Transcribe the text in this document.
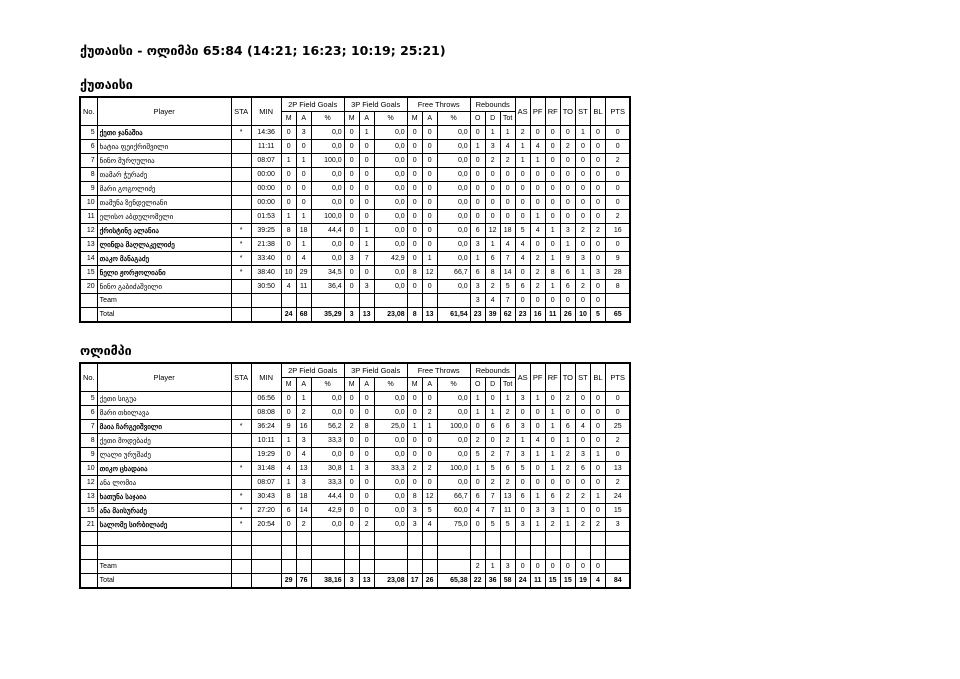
ქუთაისი - ოლიმპი 65:84 (14:21; 16:23; 10:19; 25:21)
ქუთაისი
No.	Player	STA	MIN	2P Field Goals			3P Field Goals			Free Throws			Rebounds			AS	PF	RF	TO	ST	BL	PTS
				M	A	%	M	A	%	M	A	%	O	D	Tot							
5	ქეთი ჯანაშია	*	14:36	0	3	0,0	0	1	0,0	0	0	0,0	0	1	1	2	0	0	0	1	0	0
6	ხატია ფეიქრიშვილი		11:11	0	0	0,0	0	0	0,0	0	0	0,0	1	3	4	1	4	0	2	0	0	0
7	ნინო მურღულია		08:07	1	1	100,0	0	0	0,0	0	0	0,0	0	2	2	1	1	0	0	0	0	2
8	თამარ ჭურაძე		00:00	0	0	0,0	0	0	0,0	0	0	0,0	0	0	0	0	0	0	0	0	0	0
9	მარი გოგოლიძე		00:00	0	0	0,0	0	0	0,0	0	0	0,0	0	0	0	0	0	0	0	0	0	0
10	თამუნა ზენდელიანი		00:00	0	0	0,0	0	0	0,0	0	0	0,0	0	0	0	0	0	0	0	0	0	0
11	ელისო აბდულომელი		01:53	1	1	100,0	0	0	0,0	0	0	0,0	0	0	0	0	1	0	0	0	0	2
12	ქრისტინე ალანია	*	39:25	8	18	44,4	0	1	0,0	0	0	0,0	6	12	18	5	4	1	3	2	2	16
13	ლინდა მაღლაკელიძე	*	21:38	0	1	0,0	0	1	0,0	0	0	0,0	3	1	4	4	0	0	1	0	0	0
14	თაკო მანაგაძე	*	33:40	0	4	0,0	3	7	42,9	0	1	0,0	1	6	7	4	2	1	9	3	0	9
15	ნელი ჟორჟოლიანი	*	38:40	10	29	34,5	0	0	0,0	8	12	66,7	6	8	14	0	2	8	6	1	3	28
20	ნინო გაბიძაშვილი		30:50	4	11	36,4	0	3	0,0	0	0	0,0	3	2	5	6	2	1	6	2	0	8
	Team												3	4	7	0	0	0	0	0	0	
	Total			24	68	35,29	3	13	23,08	8	13	61,54	23	39	62	23	16	11	26	10	5	65
ოლიმპი
No.	Player	STA	MIN	2P Field Goals			3P Field Goals			Free Throws			Rebounds			AS	PF	RF	TO	ST	BL	PTS
				M	A	%	M	A	%	M	A	%	O	D	Tot							
5	ქეთი სიგუა		06:56	0	1	0,0	0	0	0,0	0	0	0,0	1	0	1	3	1	0	2	0	0	0
6	მარი თხილავა		08:08	0	2	0,0	0	0	0,0	0	2	0,0	1	1	2	0	0	1	0	0	0	0
7	მაია ჩარგეიშვილი	*	36:24	9	16	56,2	2	8	25,0	1	1	100,0	0	6	6	3	0	1	6	4	0	25
8	ქეთი მოდებაძე		10:11	1	3	33,3	0	0	0,0	0	0	0,0	2	0	2	1	4	0	1	0	0	2
9	ლალი ურუშაძე		19:29	0	4	0,0	0	0	0,0	0	0	0,0	5	2	7	3	1	1	2	3	1	0
10	თიკო ცხადაია	*	31:48	4	13	30,8	1	3	33,3	2	2	100,0	1	5	6	5	0	1	2	6	0	13
12	ანა ლომია		08:07	1	3	33,3	0	0	0,0	0	0	0,0	0	2	2	0	0	0	0	0	0	2
13	ხათუნა საჯაია	*	30:43	8	18	44,4	0	0	0,0	8	12	66,7	6	7	13	6	1	6	2	2	1	24
15	ანა მაისურაძე	*	27:20	6	14	42,9	0	0	0,0	3	5	60,0	4	7	11	0	3	3	1	0	0	15
21	სალომე სირბილაძე	*	20:54	0	2	0,0	0	2	0,0	3	4	75,0	0	5	5	3	1	2	1	2	2	3

	Team												2	1	3	0	0	0	0	0	0	
	Total			29	76	38,16	3	13	23,08	17	26	65,38	22	36	58	24	11	15	15	19	4	84
